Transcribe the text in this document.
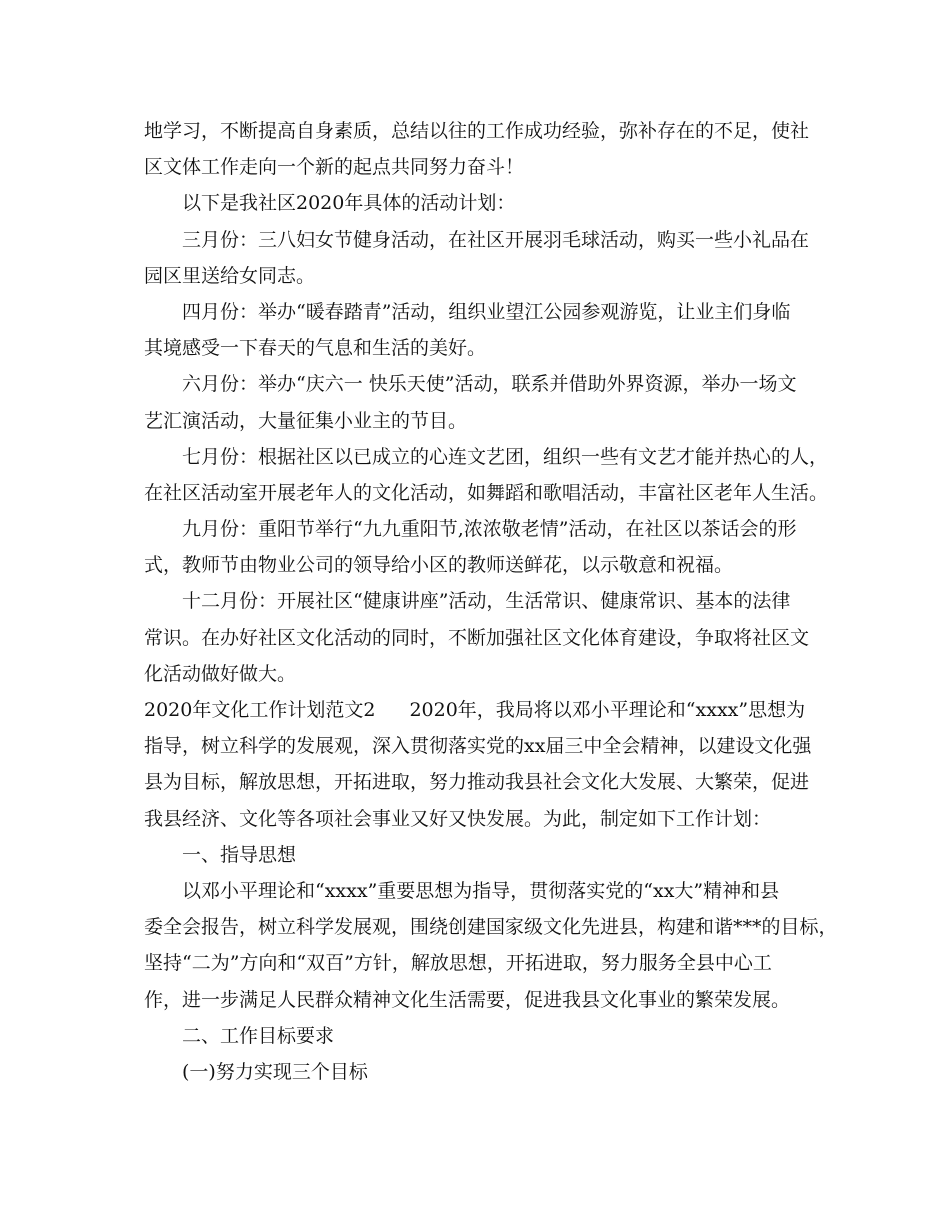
地学习，不断提高自身素质，总结以往的工作成功经验，弥补存在的不足，使社
区文体工作走向一个新的起点共同努力奋斗！
以下是我社区2020年具体的活动计划：
三月份：三八妇女节健身活动，在社区开展羽毛球活动，购买一些小礼品在
园区里送给女同志。
四月份：举办“暖春踏青”活动，组织业望江公园参观游览，让业主们身临
其境感受一下春天的气息和生活的美好。
六月份：举办“庆六一 快乐天使”活动，联系并借助外界资源，举办一场文
艺汇演活动，大量征集小业主的节目。
七月份：根据社区以已成立的心连文艺团，组织一些有文艺才能并热心的人，
在社区活动室开展老年人的文化活动，如舞蹈和歌唱活动，丰富社区老年人生活。
九月份：重阳节举行“九九重阳节,浓浓敬老情”活动，在社区以茶话会的形
式，教师节由物业公司的领导给小区的教师送鲜花，以示敬意和祝福。
十二月份：开展社区“健康讲座”活动，生活常识、健康常识、基本的法律
常识。在办好社区文化活动的同时，不断加强社区文化体育建设，争取将社区文
化活动做好做大。
2020年文化工作计划范文2 2020年，我局将以邓小平理论和“xxxx”思想为
指导，树立科学的发展观，深入贯彻落实党的xx届三中全会精神，以建设文化强
县为目标，解放思想，开拓进取，努力推动我县社会文化大发展、大繁荣，促进
我县经济、文化等各项社会事业又好又快发展。为此，制定如下工作计划：
一、指导思想
以邓小平理论和“xxxx”重要思想为指导，贯彻落实党的“xx大”精神和县
委全会报告，树立科学发展观，围绕创建国家级文化先进县，构建和谐***的目标，
坚持“二为”方向和“双百”方针，解放思想，开拓进取，努力服务全县中心工
作，进一步满足人民群众精神文化生活需要，促进我县文化事业的繁荣发展。
二、工作目标要求
(一)努力实现三个目标
